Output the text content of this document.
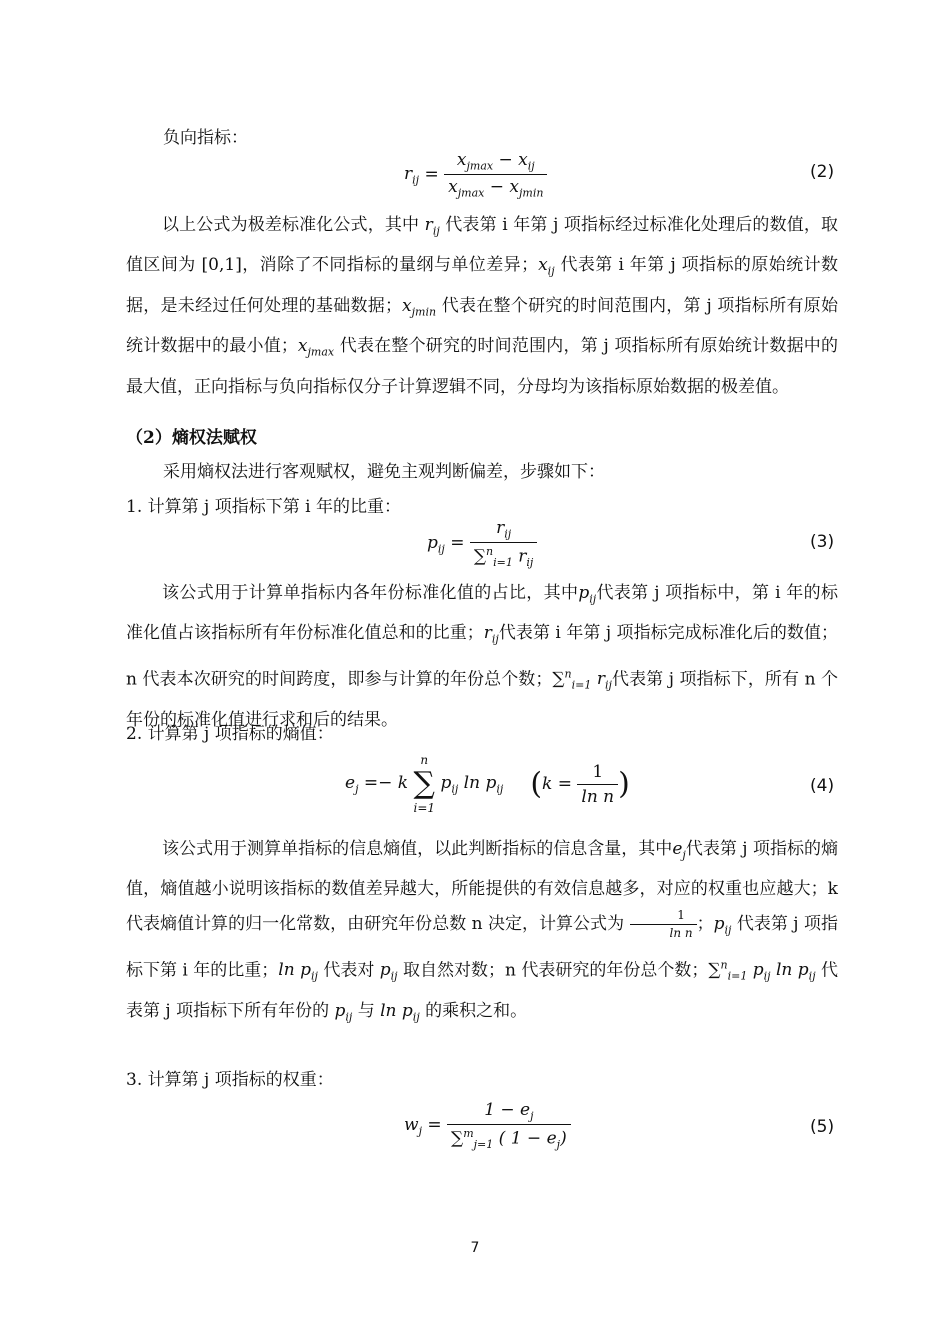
负向指标：
$r_{ij} = \frac{x_{jmax} - x_{ij}}{x_{jmax} - x_{jmin}}$	(2)

以上公式为极差标准化公式，其中 $r_{ij}$ 代表第 i 年第 j 项指标经过标准化处理后的数值，取值区间为 [0,1]，消除了不同指标的量纲与单位差异；$x_{ij}$ 代表第 i 年第 j 项指标的原始统计数据，是未经过任何处理的基础数据；$x_{jmin}$ 代表在整个研究的时间范围内，第 j 项指标所有原始统计数据中的最小值；$x_{jmax}$ 代表在整个研究的时间范围内，第 j 项指标所有原始统计数据中的最大值，正向指标与负向指标仅分子计算逻辑不同，分母均为该指标原始数据的极差值。

（2）熵权法赋权
采用熵权法进行客观赋权，避免主观判断偏差，步骤如下：
1. 计算第 j 项指标下第 i 年的比重：
$p_{ij} = \frac{r_{ij}}{\sum^n_{i=1} r_{ij}}$	(3)

该公式用于计算单指标内各年份标准化值的占比，其中$p_{ij}$代表第 j 项指标中，第 i 年的标准化值占该指标所有年份标准化值总和的比重；$r_{ij}$代表第 i 年第 j 项指标完成标准化后的数值；n 代表本次研究的时间跨度，即参与计算的年份总个数；∑$^n_{i=1}$ $r_{ij}$代表第 j 项指标下，所有 n 个年份的标准化值进行求和后的结果。

2. 计算第 j 项指标的熵值：
$e_j =- k$
n
∑
i=1
$p_{ij}$ $\ln p_{ij}$ ($k = \frac{1}{\text{ln n}}$ )	(4)

该公式用于测算单指标的信息熵值，以此判断指标的信息含量，其中$e_j$代表第 j 项指标的熵值，熵值越小说明该指标的数值差异越大，所能提供的有效信息越多，对应的权重也应越大；k 代表熵值计算的归一化常数，由研究年份总数 n 决定，计算公式为 $\frac{1}{\text{ln n}}$ ；$p_{ij}$ 代表第 j 项指标下第 i 年的比重；$\ln p_{ij}$ 代表对 $p_{ij}$ 取自然对数；n 代表研究的年份总个数；∑$^n_{i=1}$ $p_{ij}$ $\ln p_{ij}$ 代表第 j 项指标下所有年份的 $p_{ij}$ 与 $\ln p_{ij}$ 的乘积之和。

3. 计算第 j 项指标的权重：
$w_j = \frac{1 - e_j}{\sum^m_{j=1} ( 1 - e_j)}$	(5)
7
